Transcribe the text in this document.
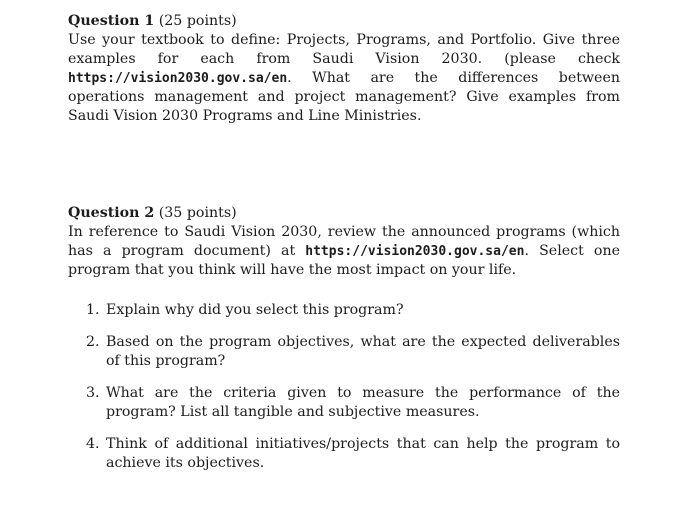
Question 1 (25 points)
Use your textbook to define: Projects, Programs, and Portfolio. Give three examples for each from Saudi Vision 2030. (please check https://vision2030.gov.sa/en. What are the differences between operations management and project management? Give examples from Saudi Vision 2030 Programs and Line Ministries.
Question 2 (35 points)
In reference to Saudi Vision 2030, review the announced programs (which has a program document) at https://vision2030.gov.sa/en. Select one program that you think will have the most impact on your life.
1. Explain why did you select this program?
2. Based on the program objectives, what are the expected deliverables of this program?
3. What are the criteria given to measure the performance of the program? List all tangible and subjective measures.
4. Think of additional initiatives/projects that can help the program to achieve its objectives.
